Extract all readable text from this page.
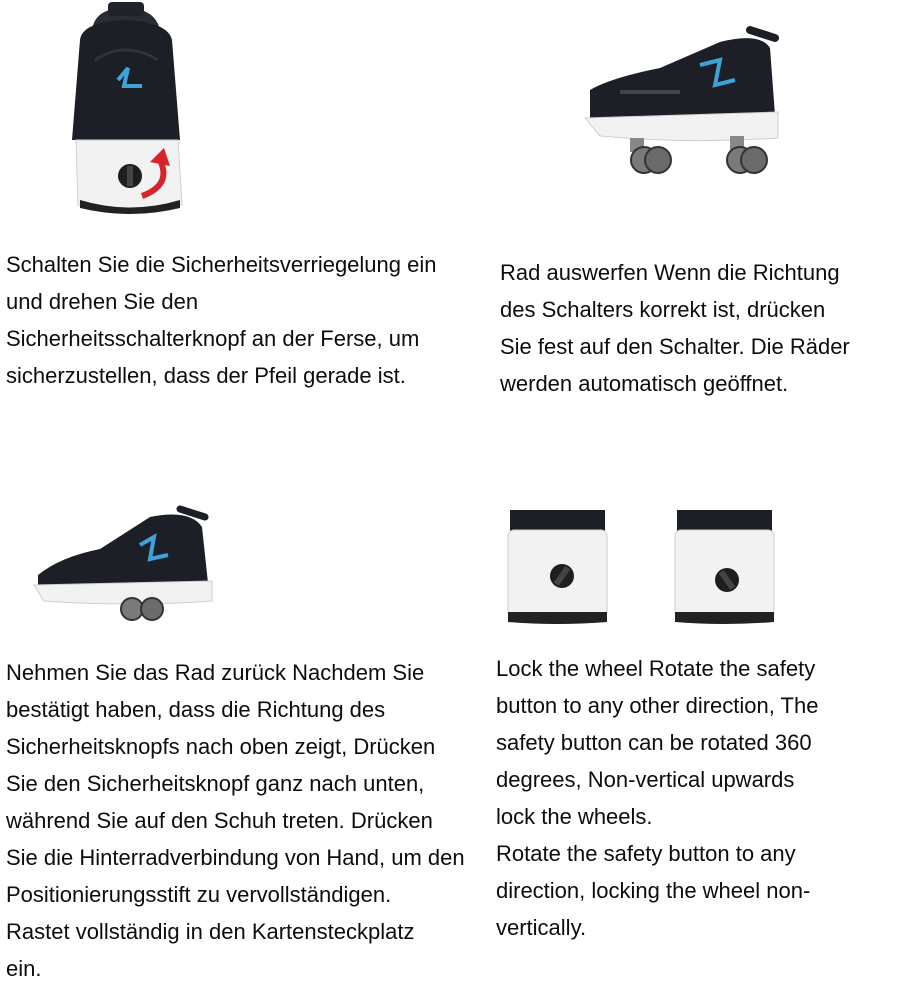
Schalten Sie die Sicherheitsverriegelung ein

und drehen Sie den

Sicherheitsschalterknopf an der Ferse, um

sicherzustellen, dass der Pfeil gerade ist.

Rad auswerfen Wenn die Richtung

des Schalters korrekt ist, drücken

Sie fest auf den Schalter. Die Räder

werden automatisch geöffnet.

Nehmen Sie das Rad zurück Nachdem Sie

bestätigt haben, dass die Richtung des

Sicherheitsknopfs nach oben zeigt, Drücken

Sie den Sicherheitsknopf ganz nach unten,

während Sie auf den Schuh treten. Drücken

Sie die Hinterradverbindung von Hand, um den

Positionierungsstift zu vervollständigen.

Rastet vollständig in den Kartensteckplatz

ein.

Lock the wheel Rotate the safety

button to any other direction, The

safety button can be rotated 360

degrees, Non-vertical upwards

lock the wheels.

Rotate the safety button to any

direction, locking the wheel non-

vertically.
